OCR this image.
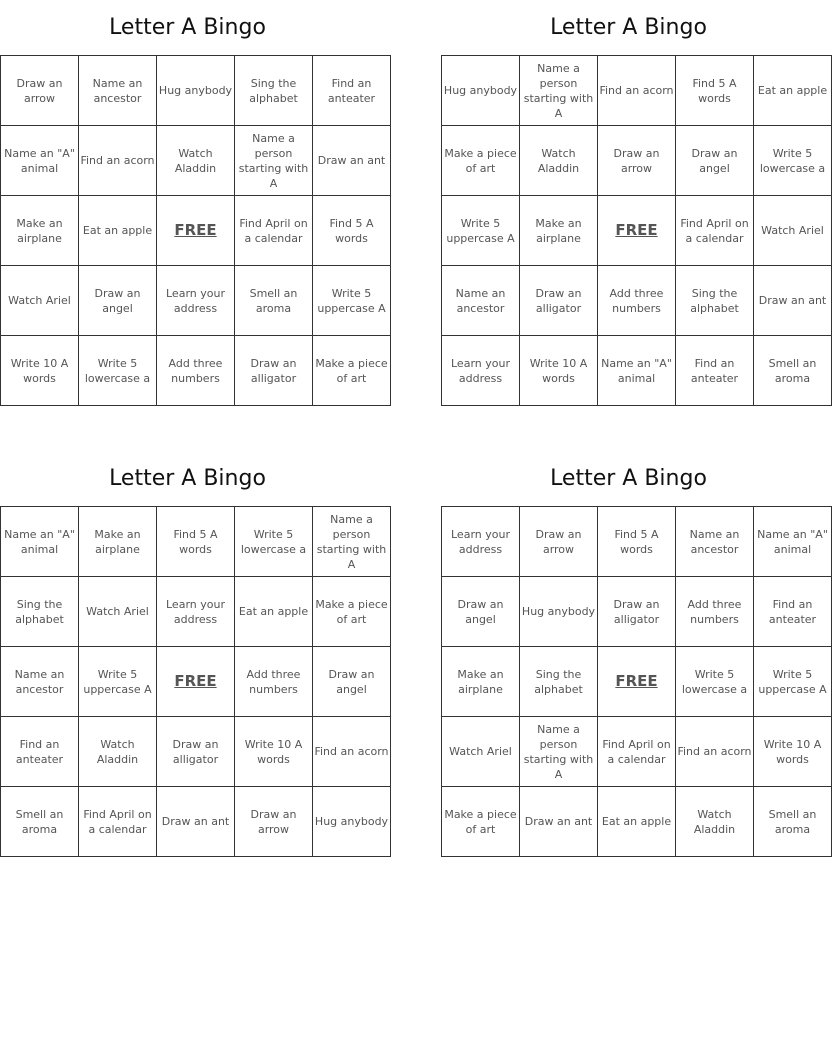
Letter A Bingo
Draw an arrow	Name an ancestor	Hug anybody	Sing the alphabet	Find an anteater
Name an "A" animal	Find an acorn	Watch Aladdin	Name a person starting with A	Draw an ant
Make an airplane	Eat an apple	FREE	Find April on a calendar	Find 5 A words
Watch Ariel	Draw an angel	Learn your address	Smell an aroma	Write 5 uppercase A
Write 10 A words	Write 5 lowercase a	Add three numbers	Draw an alligator	Make a piece of art
Letter A Bingo
Hug anybody	Name a person starting with A	Find an acorn	Find 5 A words	Eat an apple
Make a piece of art	Watch Aladdin	Draw an arrow	Draw an angel	Write 5 lowercase a
Write 5 uppercase A	Make an airplane	FREE	Find April on a calendar	Watch Ariel
Name an ancestor	Draw an alligator	Add three numbers	Sing the alphabet	Draw an ant
Learn your address	Write 10 A words	Name an "A" animal	Find an anteater	Smell an aroma
Letter A Bingo
Name an "A" animal	Make an airplane	Find 5 A words	Write 5 lowercase a	Name a person starting with A
Sing the alphabet	Watch Ariel	Learn your address	Eat an apple	Make a piece of art
Name an ancestor	Write 5 uppercase A	FREE	Add three numbers	Draw an angel
Find an anteater	Watch Aladdin	Draw an alligator	Write 10 A words	Find an acorn
Smell an aroma	Find April on a calendar	Draw an ant	Draw an arrow	Hug anybody
Letter A Bingo
Learn your address	Draw an arrow	Find 5 A words	Name an ancestor	Name an "A" animal
Draw an angel	Hug anybody	Draw an alligator	Add three numbers	Find an anteater
Make an airplane	Sing the alphabet	FREE	Write 5 lowercase a	Write 5 uppercase A
Watch Ariel	Name a person starting with A	Find April on a calendar	Find an acorn	Write 10 A words
Make a piece of art	Draw an ant	Eat an apple	Watch Aladdin	Smell an aroma
